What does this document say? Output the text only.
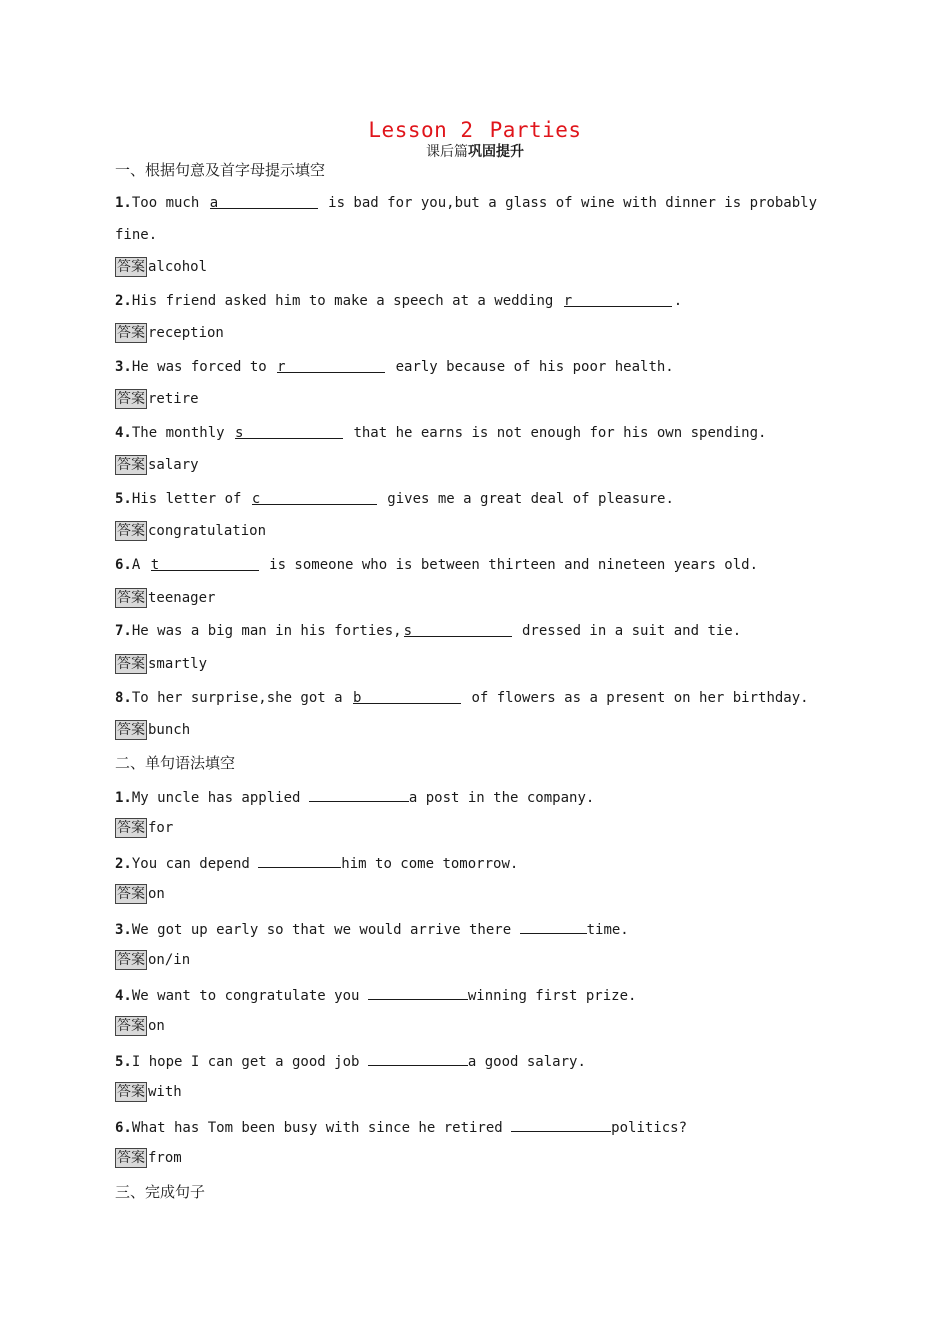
Lesson 2 Parties
课后篇巩固提升
一、根据句意及首字母提示填空
1.Too much a	is bad for you,but a glass of wine with dinner is probably
fine.
答案 alcohol
2.His friend asked him to make a speech at a wedding r	.
答案 reception
3.He was forced to r	early because of his poor health.
答案 retire
4.The monthly s	that he earns is not enough for his own spending.
答案 salary
5.His letter of c	gives me a great deal of pleasure.
答案 congratulation
6.A t	is someone who is between thirteen and nineteen years old.
答案 teenager
7.He was a big man in his forties, s	dressed in a suit and tie.
答案 smartly
8.To her surprise,she got a b	of flowers as a present on her birthday.
答案 bunch
二、单句语法填空
1.My uncle has applied	a post in the company.
答案 for
2.You can depend	him to come tomorrow.
答案 on
3.We got up early so that we would arrive there	time.
答案 on/in
4.We want to congratulate you	winning first prize.
答案 on
5.I hope I can get a good job	a good salary.
答案 with
6.What has Tom been busy with since he retired	politics?
答案 from
三、完成句子
